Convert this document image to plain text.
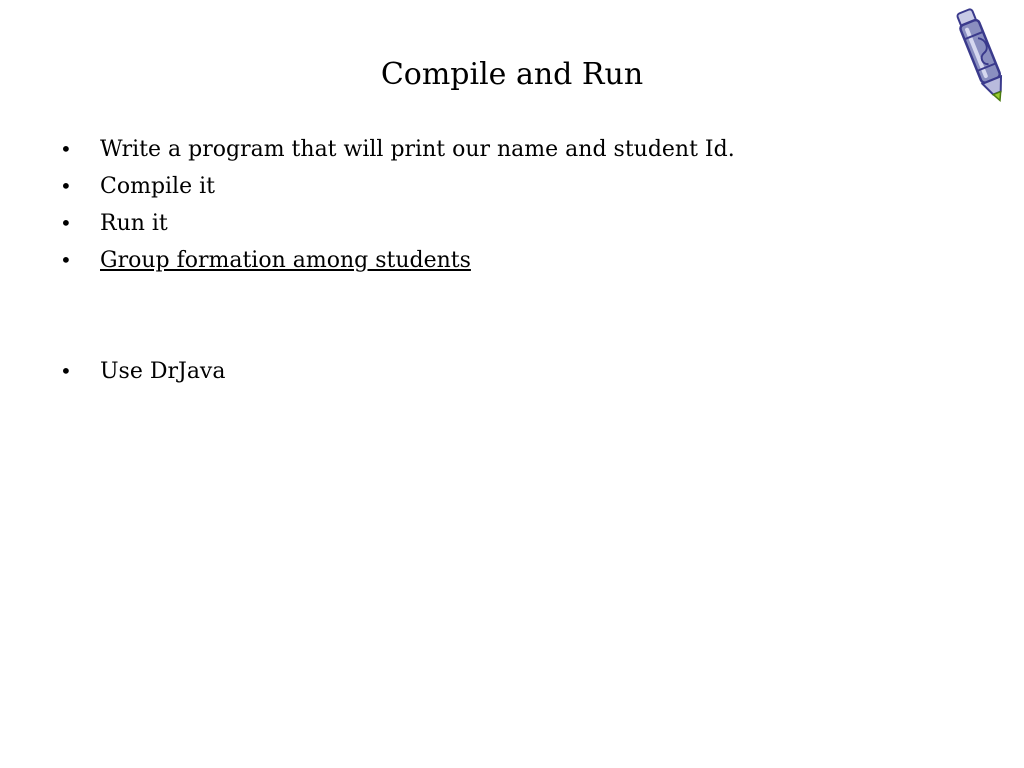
Compile and Run
• Write a program that will print our name and student Id.
• Compile it
• Run it
• Group formation among students
• Use DrJava
